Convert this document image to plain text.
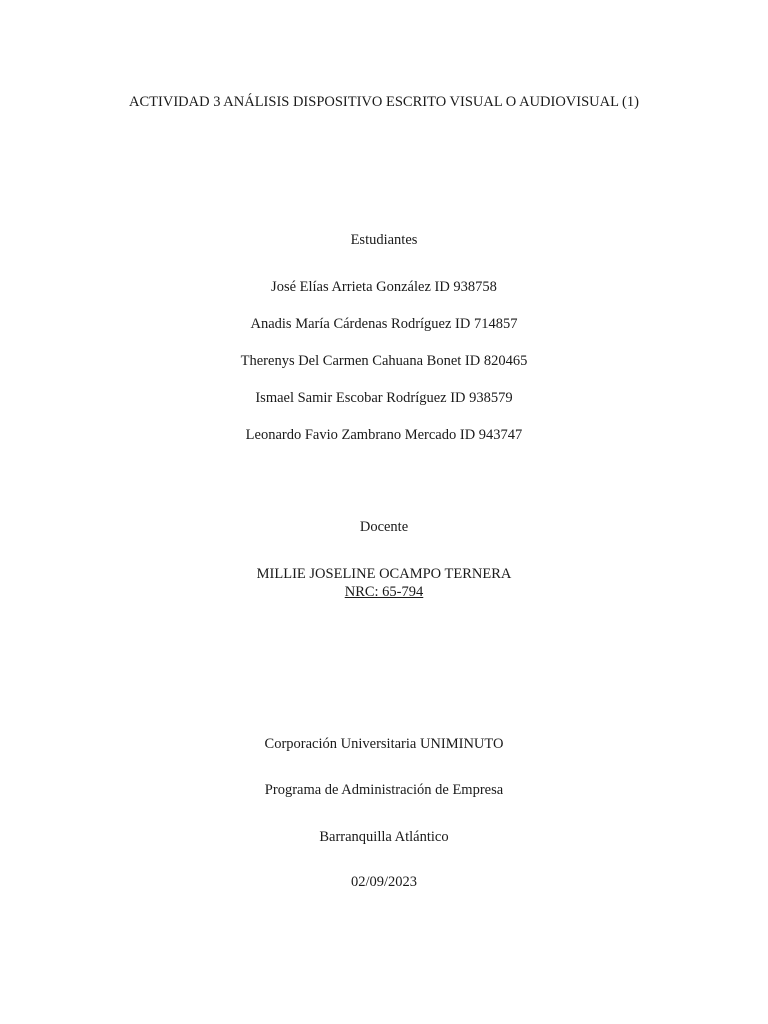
ACTIVIDAD 3 ANÁLISIS DISPOSITIVO ESCRITO VISUAL O AUDIOVISUAL (1)
Estudiantes
José Elías Arrieta González ID 938758
Anadis María Cárdenas Rodríguez ID 714857
Therenys Del Carmen Cahuana Bonet ID 820465
Ismael Samir Escobar Rodríguez ID 938579
Leonardo Favio Zambrano Mercado ID 943747
Docente
MILLIE JOSELINE OCAMPO TERNERA
NRC: 65-794
Corporación Universitaria UNIMINUTO
Programa de Administración de Empresa
Barranquilla Atlántico
02/09/2023
